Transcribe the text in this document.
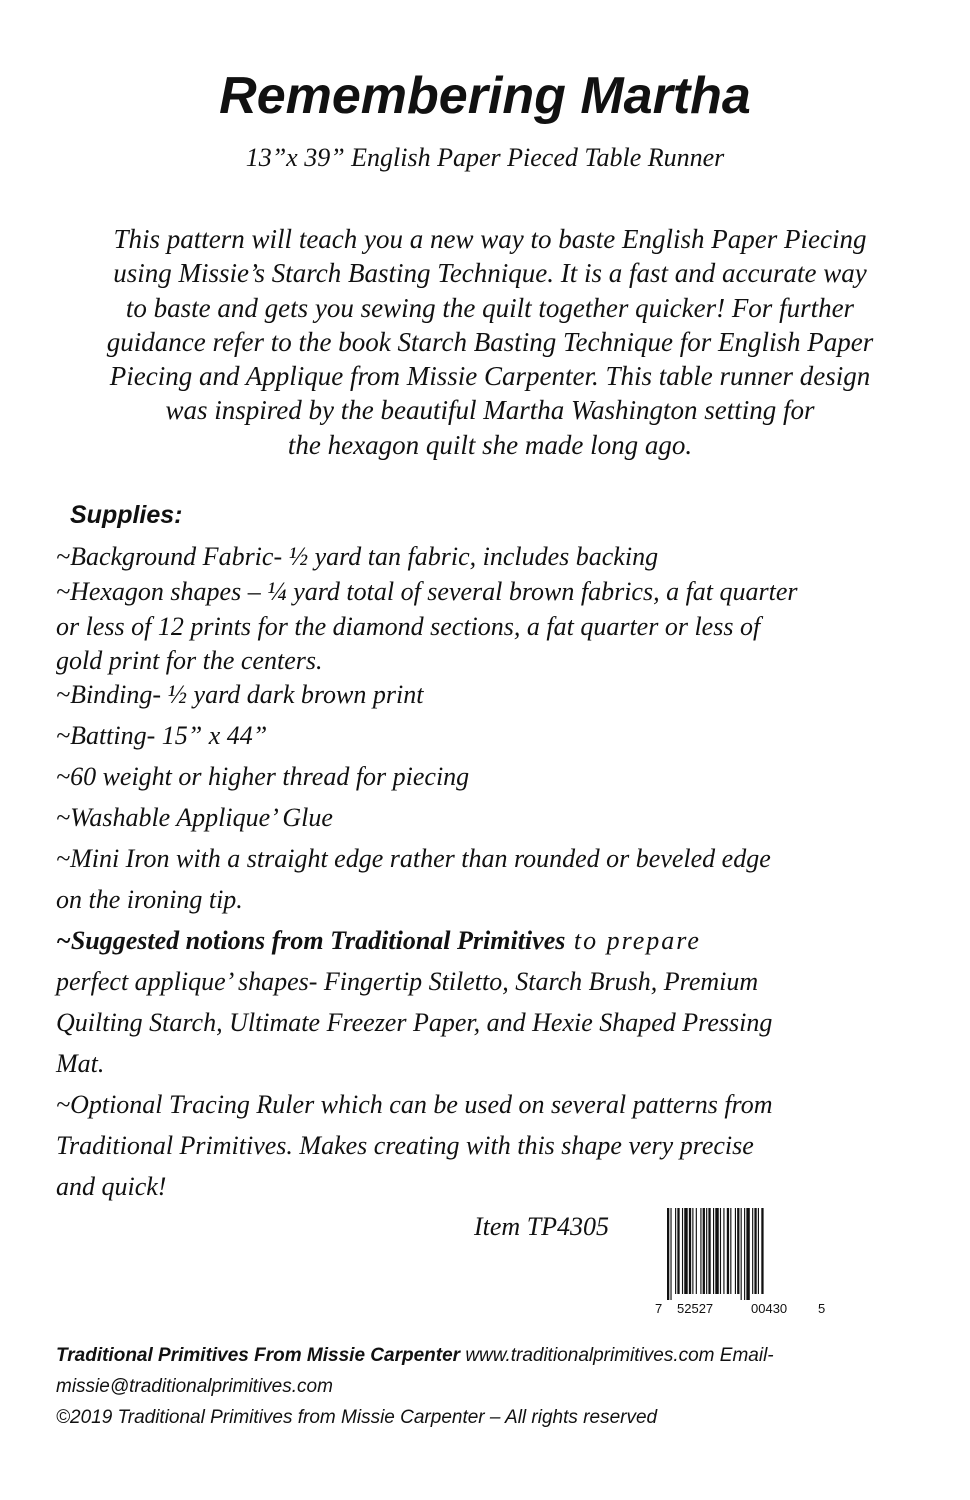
Remembering Martha

13”x 39” English Paper Pieced Table Runner

This pattern will teach you a new way to baste English Paper Piecing
using Missie’s Starch Basting Technique. It is a fast and accurate way
to baste and gets you sewing the quilt together quicker! For further
guidance refer to the book Starch Basting Technique for English Paper
Piecing and Applique from Missie Carpenter. This table runner design
was inspired by the beautiful Martha Washington setting for
the hexagon quilt she made long ago.
Supplies:

~Background Fabric- ½ yard tan fabric, includes backing

~Hexagon shapes – ¼ yard total of several brown fabrics, a fat quarter

or less of 12 prints for the diamond sections, a fat quarter or less of

gold print for the centers.

~Binding- ½ yard dark brown print

~Batting- 15” x 44”

~60 weight or higher thread for piecing

~Washable Applique’ Glue

~Mini Iron with a straight edge rather than rounded or beveled edge

on the ironing tip.

~Suggested notions from Traditional Primitives to prepare

perfect applique’ shapes- Fingertip Stiletto, Starch Brush, Premium

Quilting Starch, Ultimate Freezer Paper, and Hexie Shaped Pressing

Mat.

~Optional Tracing Ruler which can be used on several patterns from

Traditional Primitives. Makes creating with this shape very precise

and quick!

Item TP4305
7 52527	00430 5

Traditional Primitives From Missie Carpenter www.traditionalprimitives.com Email-

missie@traditionalprimitives.com

©2019 Traditional Primitives from Missie Carpenter – All rights reserved
